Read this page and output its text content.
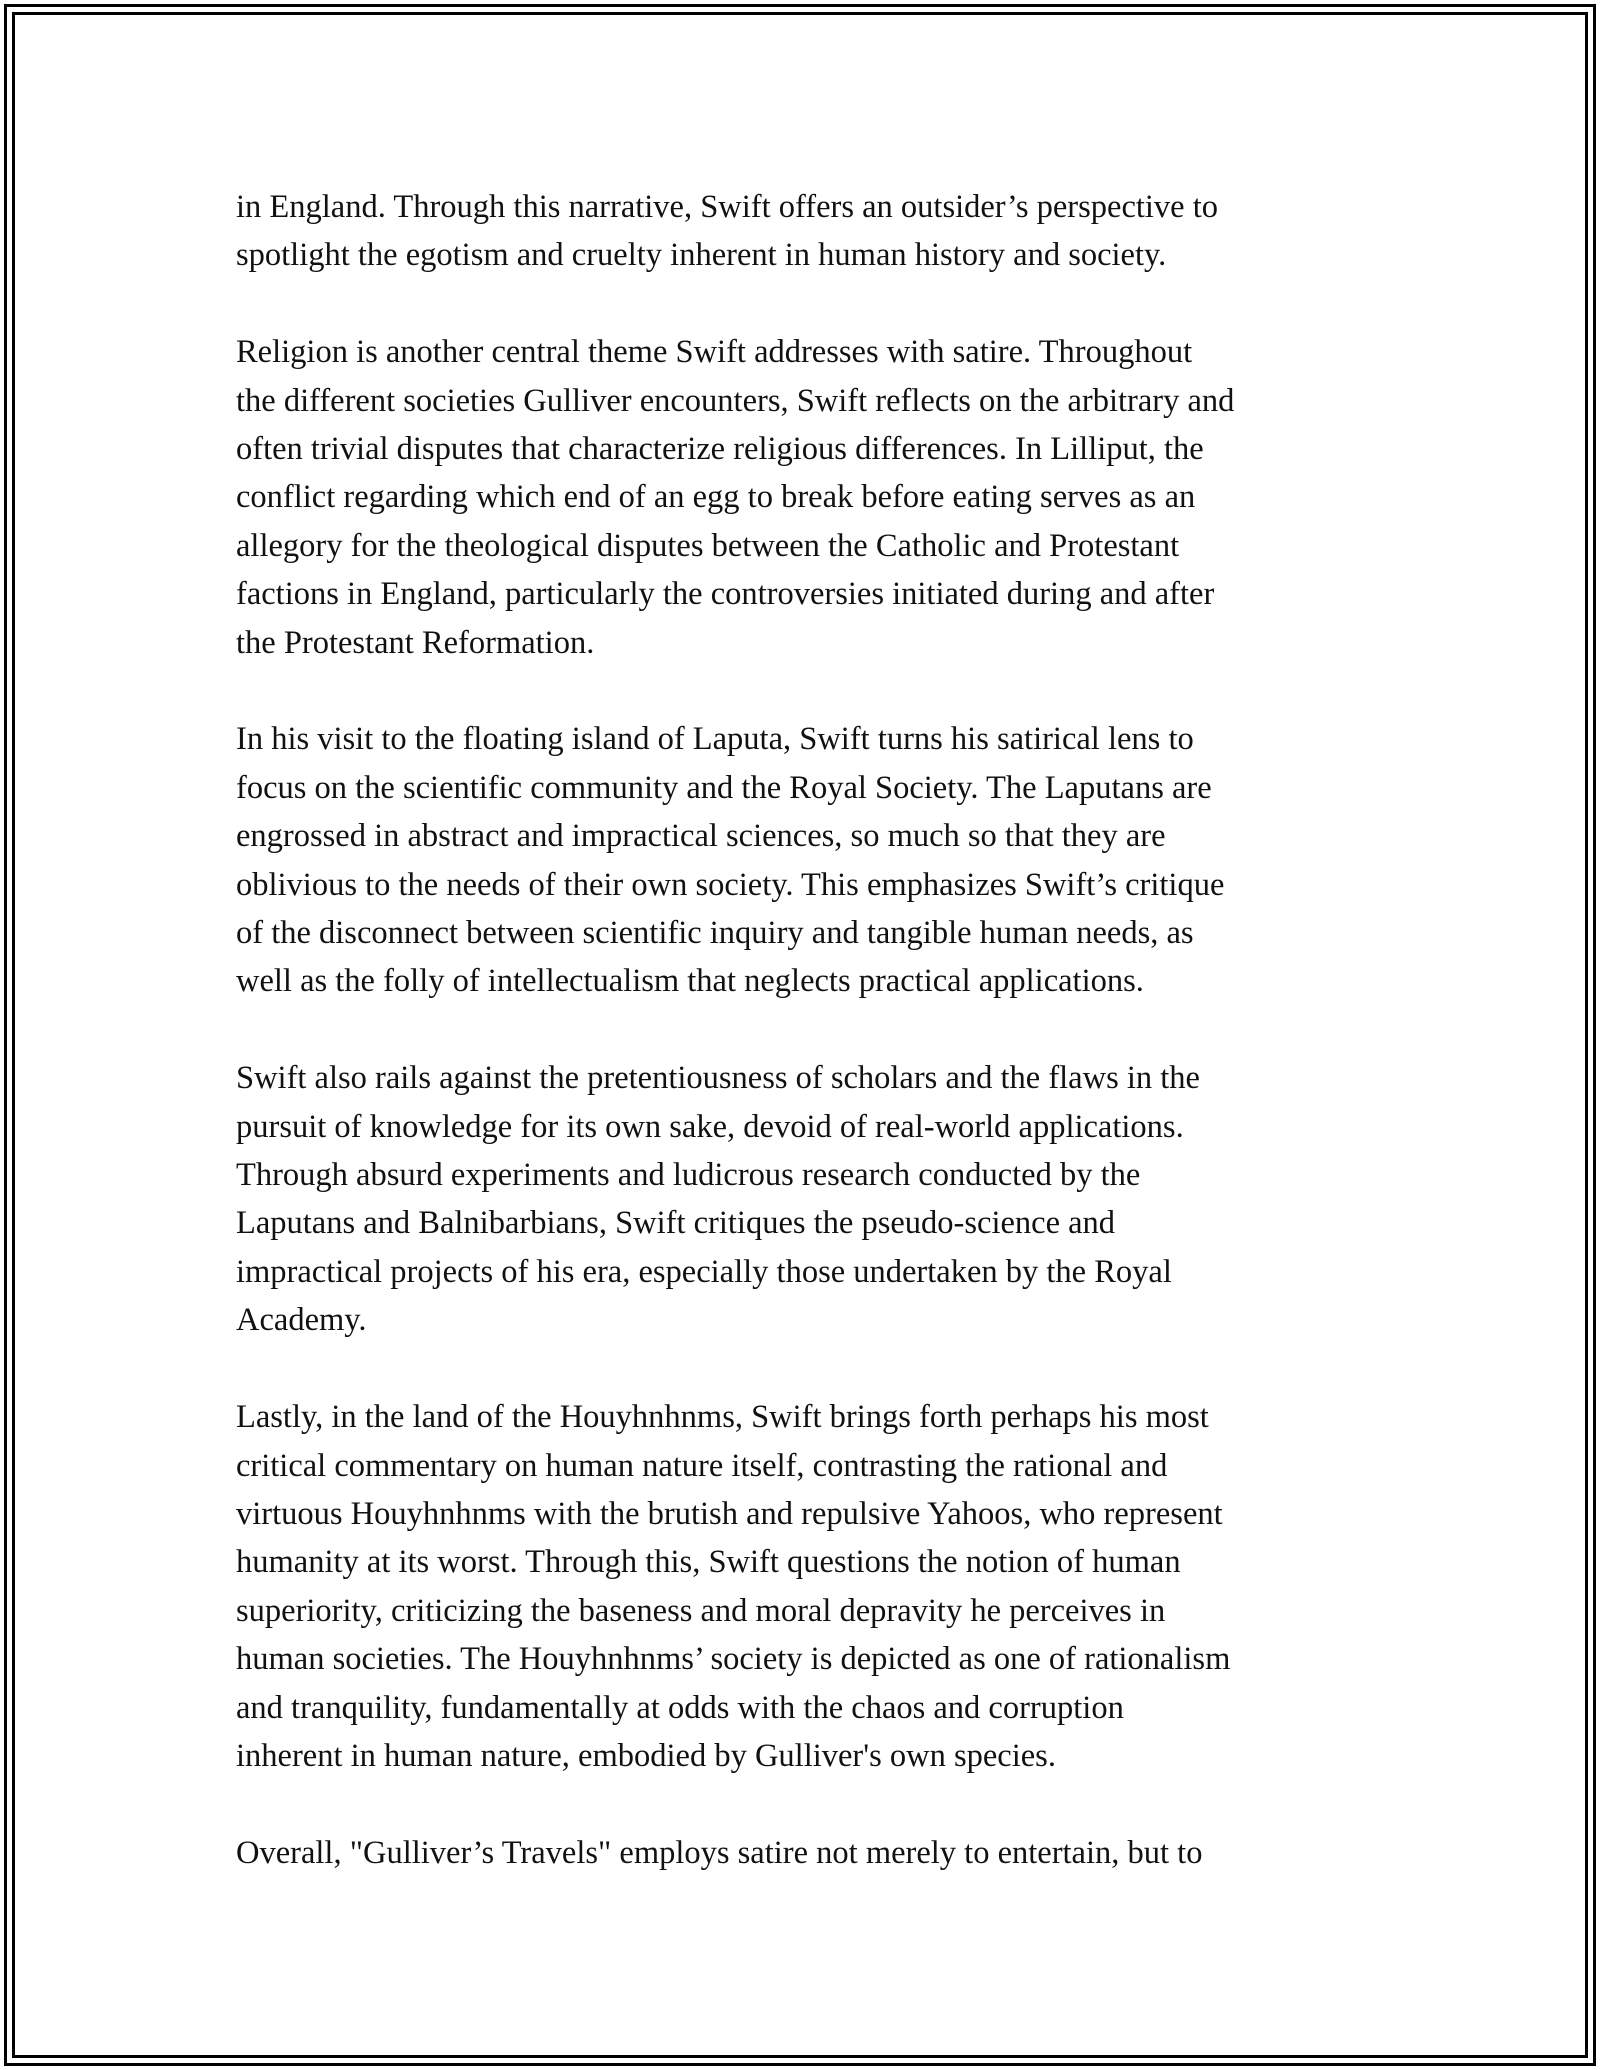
in England. Through this narrative, Swift offers an outsider’s perspective to
spotlight the egotism and cruelty inherent in human history and society.

Religion is another central theme Swift addresses with satire. Throughout
the different societies Gulliver encounters, Swift reflects on the arbitrary and
often trivial disputes that characterize religious differences. In Lilliput, the
conflict regarding which end of an egg to break before eating serves as an
allegory for the theological disputes between the Catholic and Protestant
factions in England, particularly the controversies initiated during and after
the Protestant Reformation.

In his visit to the floating island of Laputa, Swift turns his satirical lens to
focus on the scientific community and the Royal Society. The Laputans are
engrossed in abstract and impractical sciences, so much so that they are
oblivious to the needs of their own society. This emphasizes Swift’s critique
of the disconnect between scientific inquiry and tangible human needs, as
well as the folly of intellectualism that neglects practical applications.

Swift also rails against the pretentiousness of scholars and the flaws in the
pursuit of knowledge for its own sake, devoid of real-world applications.
Through absurd experiments and ludicrous research conducted by the
Laputans and Balnibarbians, Swift critiques the pseudo-science and
impractical projects of his era, especially those undertaken by the Royal
Academy.

Lastly, in the land of the Houyhnhnms, Swift brings forth perhaps his most
critical commentary on human nature itself, contrasting the rational and
virtuous Houyhnhnms with the brutish and repulsive Yahoos, who represent
humanity at its worst. Through this, Swift questions the notion of human
superiority, criticizing the baseness and moral depravity he perceives in
human societies. The Houyhnhnms’ society is depicted as one of rationalism
and tranquility, fundamentally at odds with the chaos and corruption
inherent in human nature, embodied by Gulliver's own species.

Overall, "Gulliver’s Travels" employs satire not merely to entertain, but to
